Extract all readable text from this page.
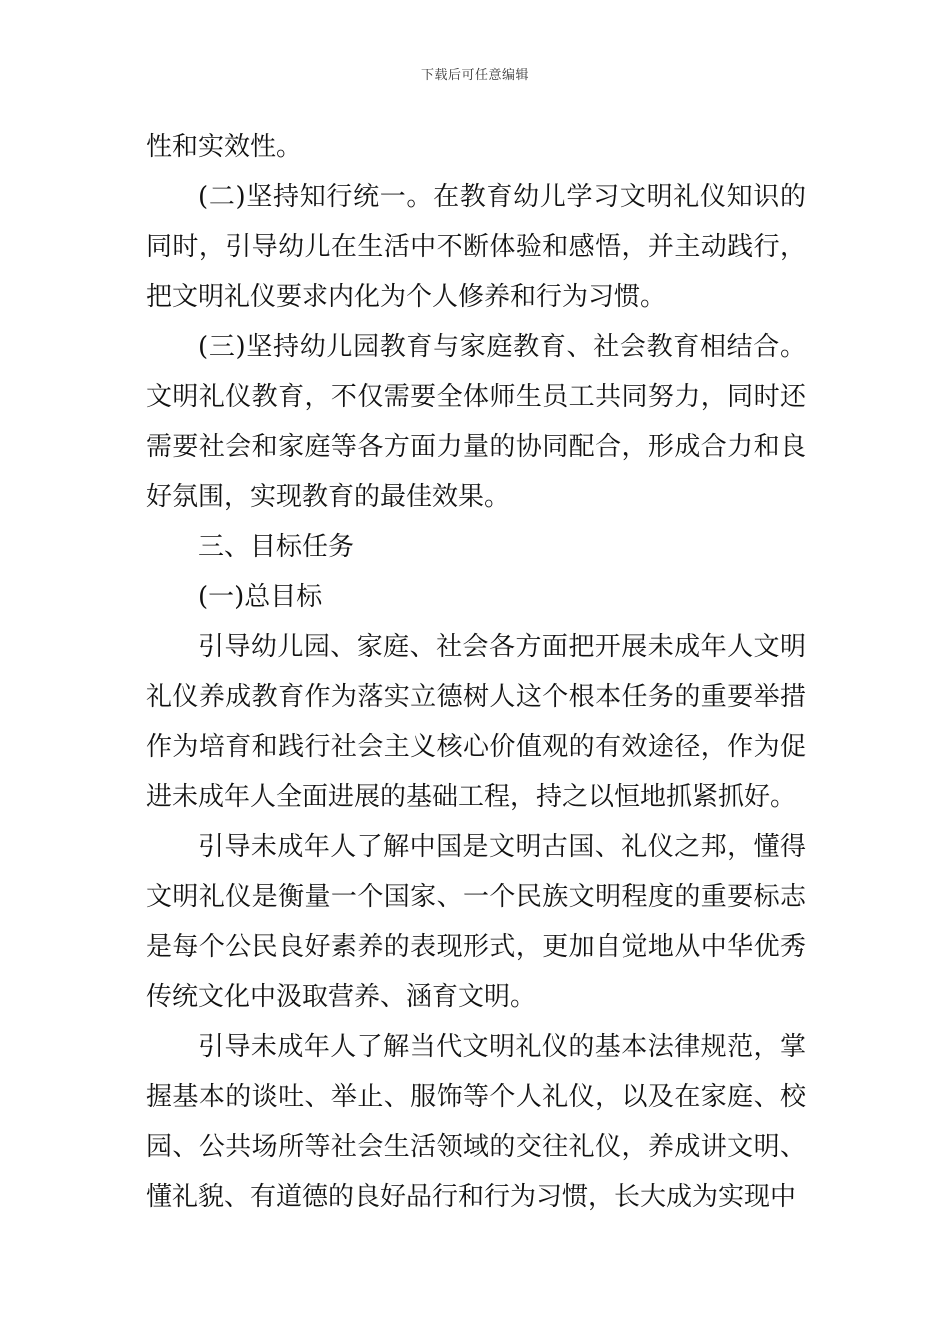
下载后可任意编辑

性和实效性。

(二)坚持知行统一。在教育幼儿学习文明礼仪知识的同时，引导幼儿在生活中不断体验和感悟，并主动践行，把文明礼仪要求内化为个人修养和行为习惯。

(三)坚持幼儿园教育与家庭教育、社会教育相结合。文明礼仪教育，不仅需要全体师生员工共同努力，同时还需要社会和家庭等各方面力量的协同配合，形成合力和良好氛围，实现教育的最佳效果。

三、目标任务

(一)总目标

引导幼儿园、家庭、社会各方面把开展未成年人文明礼仪养成教育作为落实立德树人这个根本任务的重要举措作为培育和践行社会主义核心价值观的有效途径，作为促进未成年人全面进展的基础工程，持之以恒地抓紧抓好。

引导未成年人了解中国是文明古国、礼仪之邦，懂得文明礼仪是衡量一个国家、一个民族文明程度的重要标志是每个公民良好素养的表现形式，更加自觉地从中华优秀传统文化中汲取营养、涵育文明。

引导未成年人了解当代文明礼仪的基本法律规范，掌握基本的谈吐、举止、服饰等个人礼仪，以及在家庭、校园、公共场所等社会生活领域的交往礼仪，养成讲文明、懂礼貌、有道德的良好品行和行为习惯，长大成为实现中
